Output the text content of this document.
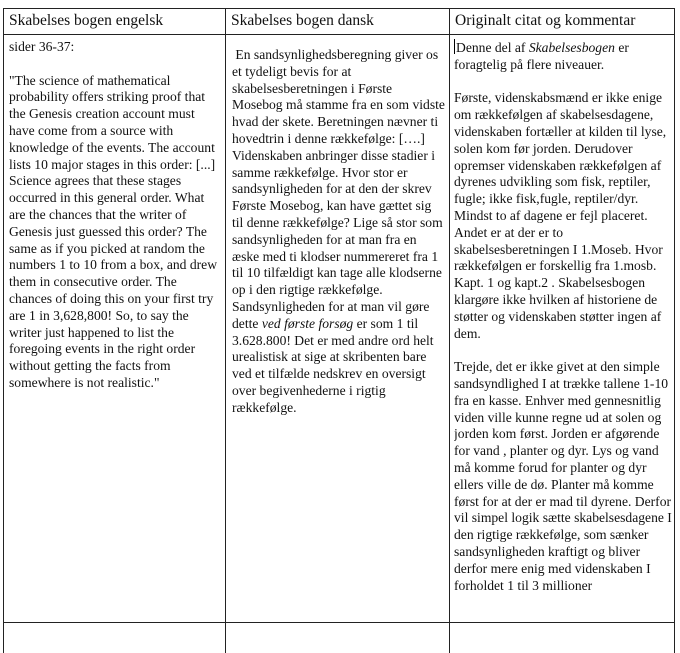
Skabelses bogen engelsk	Skabelses bogen dansk	Originalt citat og kommentar

sider 36-37:

"The science of mathematical probability offers striking proof that the Genesis creation account must have come from a source with knowledge of the events. The account lists 10 major stages in this order: [...] Science agrees that these stages occurred in this general order. What are the chances that the writer of Genesis just guessed this order? The same as if you picked at random the numbers 1 to 10 from a box, and drew them in consecutive order. The chances of doing this on your first try are 1 in 3,628,800! So, to say the writer just happened to list the foregoing events in the right order without getting the facts from somewhere is not realistic."

En sandsynlighedsberegning giver os et tydeligt bevis for at skabelsesberetningen i Første Mosebog må stamme fra en som vidste hvad der skete. Beretningen nævner ti hovedtrin i denne rækkefølge: [….] Videnskaben anbringer disse stadier i samme rækkefølge. Hvor stor er sandsynligheden for at den der skrev Første Mosebog, kan have gættet sig til denne rækkefølge? Lige så stor som sandsynligheden for at man fra en æske med ti klodser nummereret fra 1 til 10 tilfældigt kan tage alle klodserne op i den rigtige rækkefølge. Sandsynligheden for at man vil gøre dette ved første forsøg er som 1 til 3.628.800! Det er med andre ord helt urealistisk at sige at skribenten bare ved et tilfælde nedskrev en oversigt over begivenhederne i rigtig rækkefølge.

Denne del af Skabelsesbogen er foragtelig på flere niveauer.

Første, videnskabsmænd er ikke enige om rækkefølgen af skabelsesdagene, videnskaben fortæller at kilden til lyse, solen kom før jorden. Derudover opremser videnskaben rækkefølgen af dyrenes udvikling som fisk, reptiler, fugle; ikke fisk,fugle, reptiler/dyr. Mindst to af dagene er fejl placeret.

Andet er at der er to skabelsesberetningen I 1.Moseb. Hvor rækkefølgen er forskellig fra 1.mosb. Kapt. 1 og kapt.2 . Skabelsesbogen klargøre ikke hvilken af historiene de støtter og videnskaben støtter ingen af dem.

Trejde, det er ikke givet at den simple sandsyndlighed I at trække tallene 1-10 fra en kasse. Enhver med gennesnitlig viden ville kunne regne ud at solen og jorden kom først. Jorden er afgørende for vand , planter og dyr. Lys og vand må komme forud for planter og dyr ellers ville de dø. Planter må komme først for at der er mad til dyrene. Derfor vil simpel logik sætte skabelsesdagene I den rigtige rækkefølge, som sænker sandsynligheden kraftigt og bliver derfor mere enig med videnskaben I forholdet 1 til 3 millioner
